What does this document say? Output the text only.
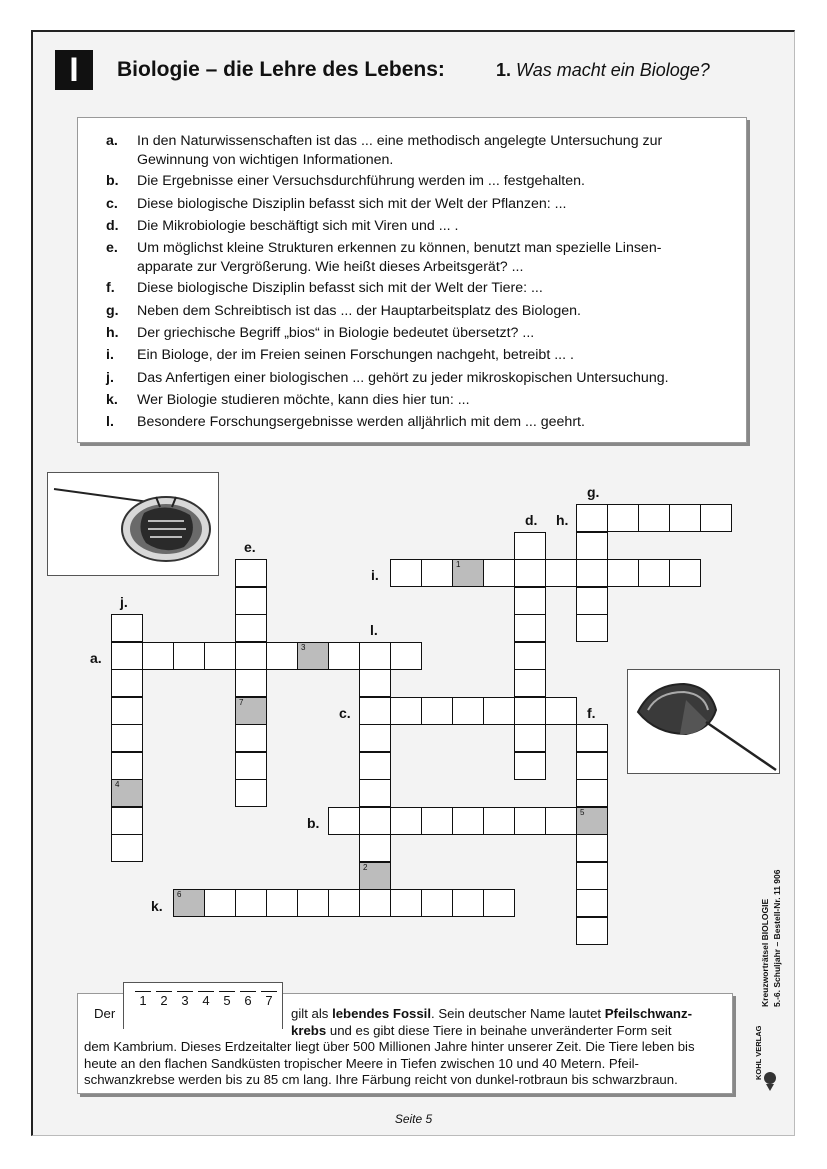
I	Biologie – die Lehre des Lebens:	1. Was macht ein Biologe?
a.	In den Naturwissenschaften ist das ... eine methodisch angelegte Untersuchung zur Gewinnung von wichtigen Informationen.
b.	Die Ergebnisse einer Versuchsdurchführung werden im ... festgehalten.
c.	Diese biologische Disziplin befasst sich mit der Welt der Pflanzen: ...
d.	Die Mikrobiologie beschäftigt sich mit Viren und ... .
e.	Um möglichst kleine Strukturen erkennen zu können, benutzt man spezielle Linsen-apparate zur Vergrößerung. Wie heißt dieses Arbeitsgerät? ...
f.	Diese biologische Disziplin befasst sich mit der Welt der Tiere: ...
g.	Neben dem Schreibtisch ist das ... der Hauptarbeitsplatz des Biologen.
h.	Der griechische Begriff „bios“ in Biologie bedeutet übersetzt? ...
i.	Ein Biologe, der im Freien seinen Forschungen nachgeht, betreibt ... .
j.	Das Anfertigen einer biologischen ... gehört zu jeder mikroskopischen Untersuchung.
k.	Wer Biologie studieren möchte, kann dies hier tun: ...
l.	Besondere Forschungsergebnisse werden alljährlich mit dem ... geehrt.
7
1
4
3
2
5
6
g.
d. h.
e.
i.
j.
l.
a.
c.	f.
b.
k.
Der
1	2	3	4	5	6	7
gilt als lebendes Fossil. Sein deutscher Name lautet Pfeilschwanz-
krebs und es gibt diese Tiere in beinahe unveränderter Form seit
dem Kambrium. Dieses Erdzeitalter liegt über 500 Millionen Jahre hinter unserer Zeit. Die Tiere leben bis heute an den flachen Sandküsten tropischer Meere in Tiefen zwischen 10 und 40 Metern. Pfeil-schwanzkrebse werden bis zu 85 cm lang. Ihre Färbung reicht von dunkel-rotbraun bis schwarzbraun.
Kreuzworträtsel BIOLOGIE 5.-6. Schuljahr – Bestell-Nr. 11 906
KOHL VERLAG
Seite 5
